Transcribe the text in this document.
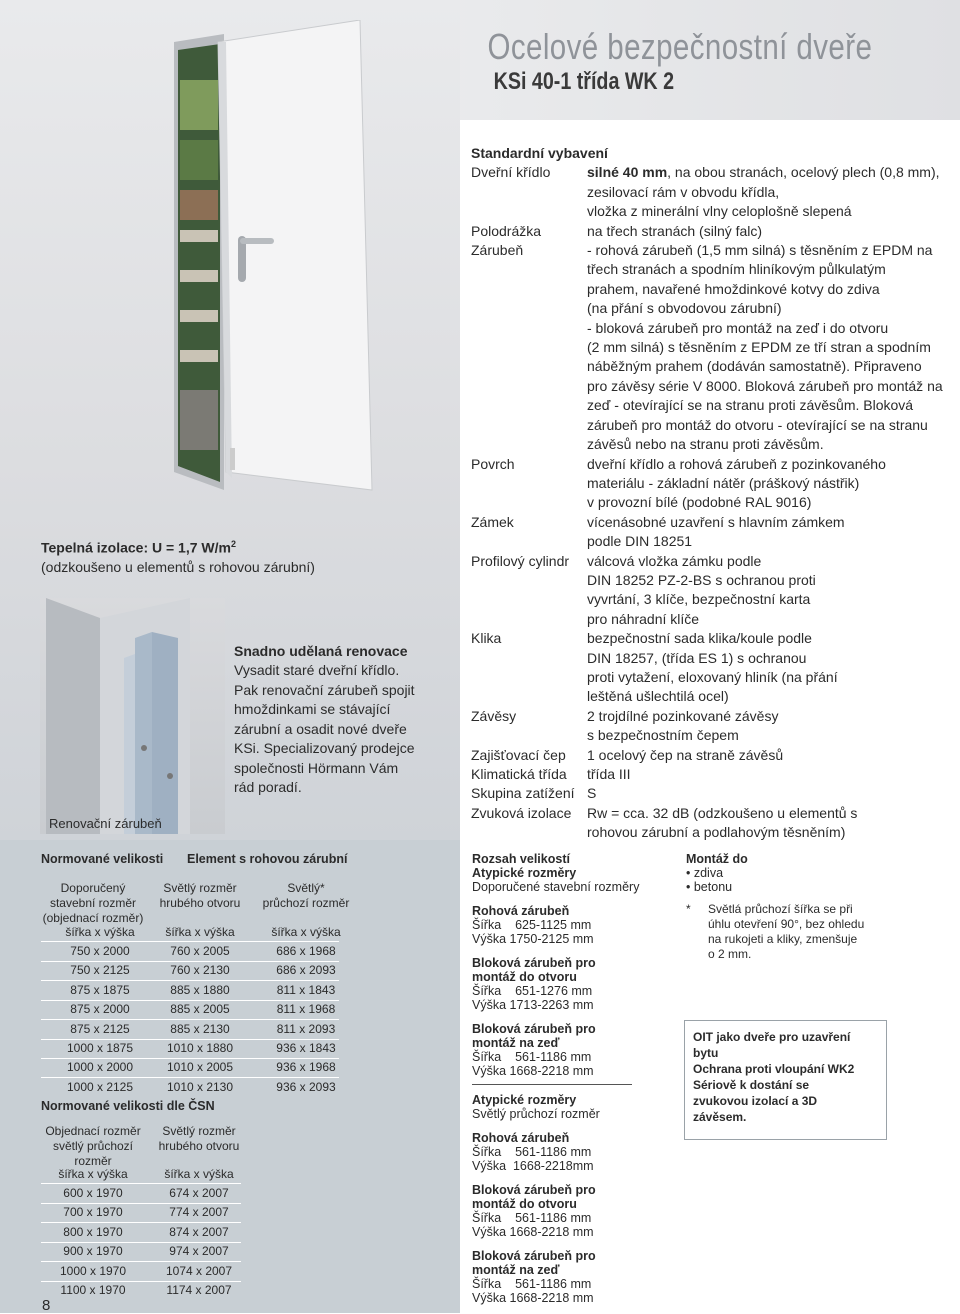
Ocelové bezpečnostní dveře
KSi 40-1 třída WK 2
Tepelná izolace: U = 1,7 $W/m^2$
(odzkoušeno u elementů s rohovou zárubní)
Renovační zárubeň
Snadno udělaná renovace
Vysadit staré dveřní křídlo.
Pak renovační zárubeň spojit
hmoždinkami se stávající
zárubní a osadit nové dveře
KSi. Specializovaný prodejce
společnosti Hörmann Vám
rád poradí.
Standardní vybavení
Dveřní křídlo	silné 40 mm, na obou stranách, ocelový plech (0,8 mm),
zesilovací rám v obvodu křídla,
vložka z minerální vlny celoplošně slepená
Polodrážka	na třech stranách (silný falc)
Zárubeň	- rohová zárubeň (1,5 mm silná) s těsněním z EPDM na
třech stranách a spodním hliníkovým půlkulatým
prahem, navařené hmoždinkové kotvy do zdiva
(na přání s obvodovou zárubní)
- bloková zárubeň pro montáž na zeď i do otvoru
(2 mm silná) s těsněním z EPDM ze tří stran a spodním
náběžným prahem (dodáván samostatně). Připraveno
pro závěsy série V 8000. Bloková zárubeň pro montáž na
zeď - otevírající se na stranu proti závěsům. Bloková
zárubeň pro montáž do otvoru - otevírající se na stranu
závěsů nebo na stranu proti závěsům.
Povrch	dveřní křídlo a rohová zárubeň z pozinkovaného
materiálu - základní nátěr (práškový nástřik)
v provozní bílé (podobné RAL 9016)
Zámek	vícenásobné uzavření s hlavním zámkem
podle DIN 18251
Profilový cylindr	válcová vložka zámku podle
DIN 18252 PZ-2-BS s ochranou proti
vyvrtání, 3 klíče, bezpečnostní karta
pro náhradní klíče
Klika	bezpečnostní sada klika/koule podle
DIN 18257, (třída ES 1) s ochranou
proti vytažení, eloxovaný hliník (na přání
leštěná ušlechtilá ocel)
Závěsy	2 trojdílné pozinkované závěsy
s bezpečnostním čepem
Zajišťovací čep	1 ocelový čep na straně závěsů
Klimatická třída	třída III
Skupina zatížení S
Zvuková izolace	Rw = cca. 32 dB (odzkoušeno u elementů s
rohovou zárubní a podlahovým těsněním)
Normované velikosti Element s rohovou zárubní
Doporučený
stavební rozměr
(objednací rozměr)
Světlý rozměr
hrubého otvoru
Světlý*
průchozí rozměr
šířka x výška	šířka x výška	šířka x výška
750 x 2000	760 x 2005	686 x 1968
750 x 2125	760 x 2130	686 x 2093
875 x 1875	885 x 1880	811 x 1843
875 x 2000	885 x 2005	811 x 1968
875 x 2125	885 x 2130	811 x 2093
1000 x 1875	1010 x 1880	936 x 1843
1000 x 2000	1010 x 2005	936 x 1968
1000 x 2125	1010 x 2130	936 x 2093
Normované velikosti dle ČSN
Objednací rozměr
světlý průchozí
rozměr
Světlý rozměr
hrubého otvoru
šířka x výška	šířka x výška
600 x 1970	674 x 2007
700 x 1970	774 x 2007
800 x 1970	874 x 2007
900 x 1970	974 x 2007
1000 x 1970	1074 x 2007
1100 x 1970	1174 x 2007
8
Rozsah velikostí
Atypické rozměry
Doporučené stavební rozměry
Rohová zárubeň
Šířka    625-1125 mm
Výška 1750-2125 mm
Bloková zárubeň pro
montáž do otvoru
Šířka    651-1276 mm
Výška 1713-2263 mm
Bloková zárubeň pro
montáž na zeď
Šířka    561-1186 mm
Výška 1668-2218 mm
Atypické rozměry
Světlý průchozí rozměr
Rohová zárubeň
Šířka    561-1186 mm
Výška  1668-2218mm
Bloková zárubeň pro
montáž do otvoru
Šířka    561-1186 mm
Výška 1668-2218 mm
Bloková zárubeň pro
montáž na zeď
Šířka    561-1186 mm
Výška 1668-2218 mm
Montáž do
• zdiva
• betonu
*	Světlá průchozí šířka se při
úhlu otevření 90°, bez ohledu
na rukojeti a kliky, zmenšuje
o 2 mm.
OIT jako dveře pro uzavření
bytu
Ochrana proti vloupání WK2
Sériově k dostání se
zvukovou izolací a 3D
závěsem.
